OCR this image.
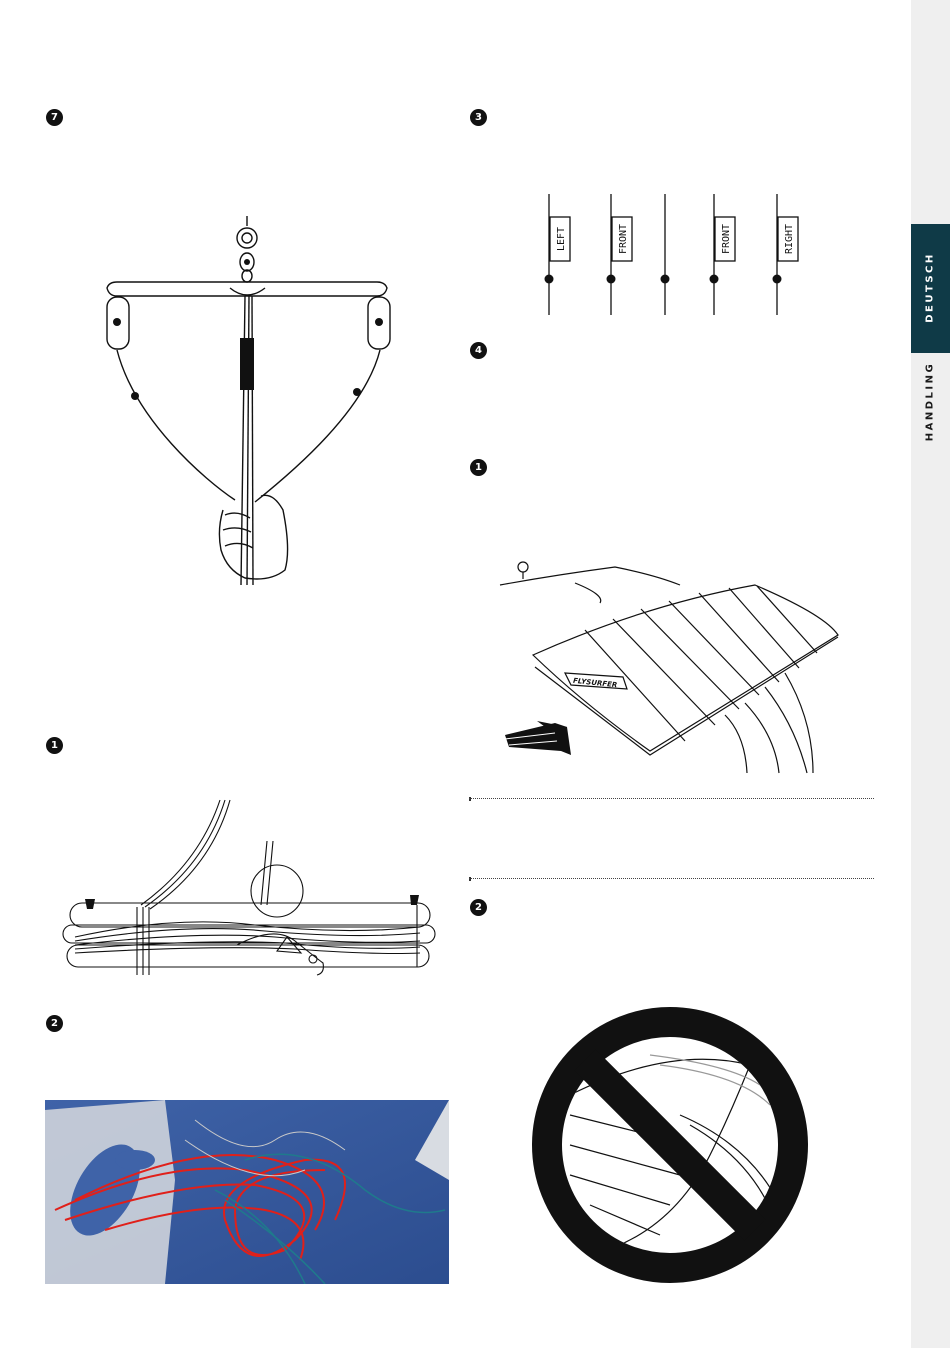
DEUTSCH
HANDLING
7
1
2
3
4
1
2
LEFT	FRONT	FRONT	RIGHT
FLYSURFER
